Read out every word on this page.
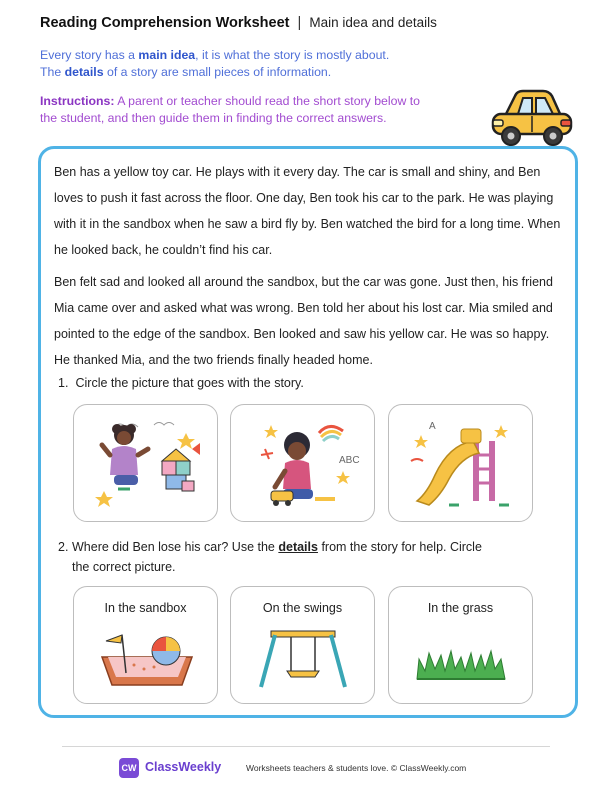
Reading Comprehension Worksheet | Main idea and details
Every story has a main idea, it is what the story is mostly about.
The details of a story are small pieces of information.
Instructions: A parent or teacher should read the short story below to
the student, and then guide them in finding the correct answers.

Ben has a yellow toy car. He plays with it every day. The car is small and shiny, and Ben loves to push it fast across the floor. One day, Ben took his car to the park. He was playing with it in the sandbox when he saw a bird fly by. Ben watched the bird for a long time. When he looked back, he couldn’t find his car.

Ben felt sad and looked all around the sandbox, but the car was gone. Just then, his friend Mia came over and asked what was wrong. Ben told her about his lost car. Mia smiled and pointed to the edge of the sandbox. Ben looked and saw his yellow car. He was so happy. He thanked Mia, and the two friends finally headed home.

1. Circle the picture that goes with the story.
ABC
A
2. Where did Ben lose his car? Use the details from the story for help. Circle
the correct picture.
In the sandbox	On the swings	In the grass
CW ClassWeekly	Worksheets teachers & students love. © ClassWeekly.com
